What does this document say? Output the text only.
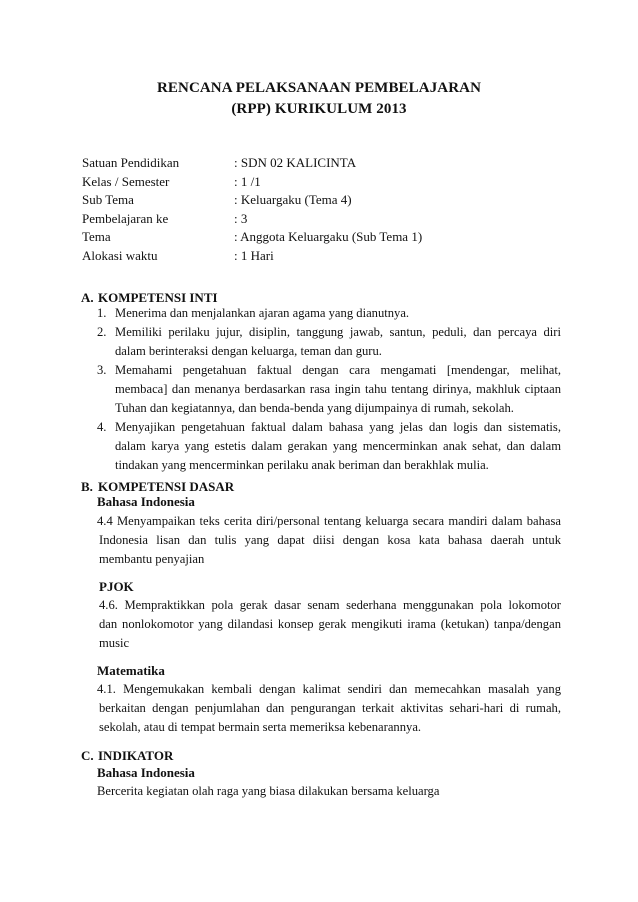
RENCANA PELAKSANAAN PEMBELAJARAN
(RPP) KURIKULUM 2013
Satuan Pendidikan	: SDN 02 KALICINTA
Kelas / Semester	: 1 /1
Sub Tema	: Keluargaku (Tema 4)
Pembelajaran ke	: 3
Tema	: Anggota Keluargaku (Sub Tema 1)
Alokasi waktu	: 1 Hari
A. KOMPETENSI INTI
1. Menerima dan menjalankan ajaran agama yang dianutnya.
2. Memiliki perilaku jujur, disiplin, tanggung jawab, santun, peduli, dan percaya diri
dalam berinteraksi dengan keluarga, teman dan guru.
3. Memahami pengetahuan faktual dengan cara mengamati [mendengar, melihat,
membaca] dan menanya berdasarkan rasa ingin tahu tentang dirinya, makhluk ciptaan
Tuhan dan kegiatannya, dan benda-benda yang dijumpainya di rumah, sekolah.
4. Menyajikan pengetahuan faktual dalam bahasa yang jelas dan logis dan sistematis,
dalam karya yang estetis dalam gerakan yang mencerminkan anak sehat, dan dalam
tindakan yang mencerminkan perilaku anak beriman dan berakhlak mulia.
B. KOMPETENSI DASAR
Bahasa Indonesia
4.4 Menyampaikan teks cerita diri/personal tentang keluarga secara mandiri dalam bahasa
Indonesia lisan dan tulis yang dapat diisi dengan kosa kata bahasa daerah untuk
membantu penyajian
PJOK
4.6. Mempraktikkan pola gerak dasar senam sederhana menggunakan pola lokomotor
dan nonlokomotor yang dilandasi konsep gerak mengikuti irama (ketukan) tanpa/dengan
music
Matematika
4.1. Mengemukakan kembali dengan kalimat sendiri dan memecahkan masalah yang
berkaitan dengan penjumlahan dan pengurangan terkait aktivitas sehari-hari di rumah,
sekolah, atau di tempat bermain serta memeriksa kebenarannya.
C. INDIKATOR
Bahasa Indonesia
Bercerita kegiatan olah raga yang biasa dilakukan bersama keluarga
